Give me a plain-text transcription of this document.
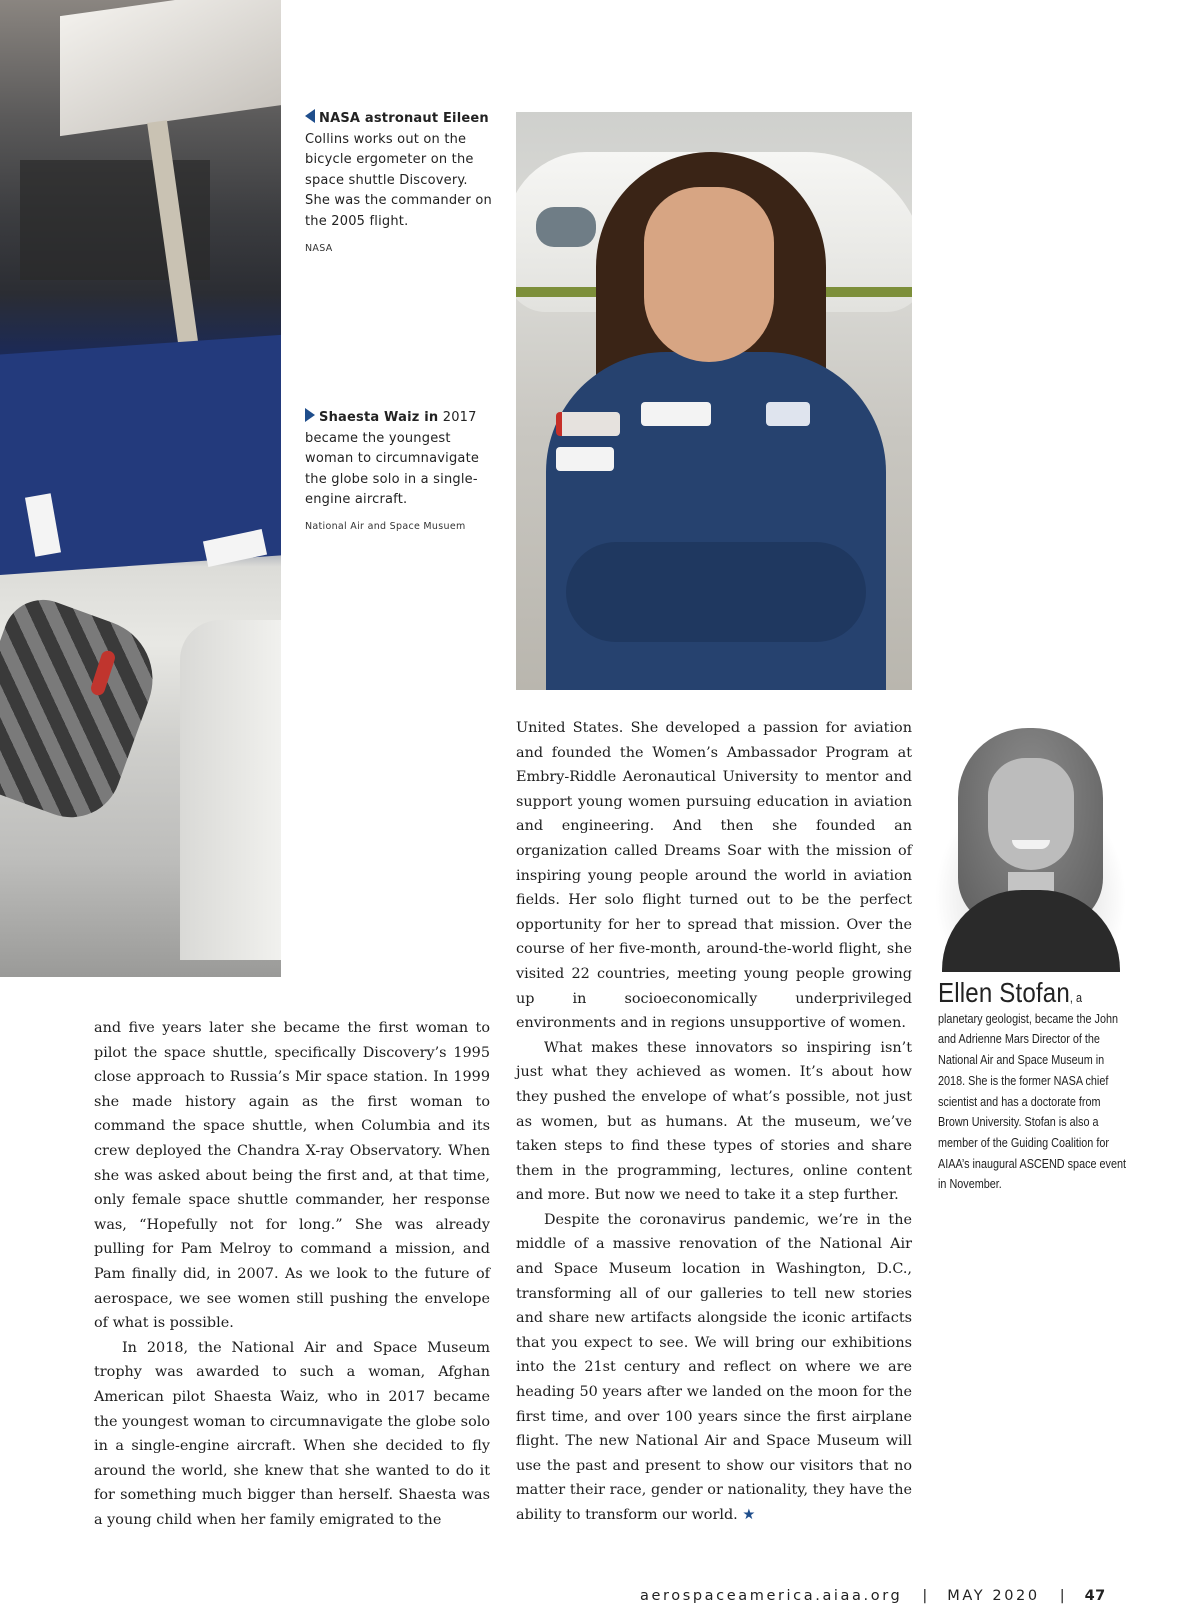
NASA astronaut Eileen Collins works out on the bicycle ergometer on the space shuttle Discovery. She was the commander on the 2005 flight.
NASA
Shaesta Waiz in 2017 became the youngest woman to circumnavigate the globe solo in a single-engine aircraft.
National Air and Space Musuem

and five years later she became the first woman to pilot the space shuttle, specifically Discovery’s 1995 close approach to Russia’s Mir space station. In 1999 she made history again as the first woman to command the space shuttle, when Columbia and its crew deployed the Chandra X-ray Observatory. When she was asked about being the first and, at that time, only female space shuttle commander, her response was, “Hopefully not for long.” She was already pulling for Pam Melroy to command a mission, and Pam finally did, in 2007. As we look to the future of aerospace, we see women still pushing the envelope of what is possible.

In 2018, the National Air and Space Museum trophy was awarded to such a woman, Afghan American pilot Shaesta Waiz, who in 2017 became the youngest woman to circumnavigate the globe solo in a single-engine aircraft. When she decided to fly around the world, she knew that she wanted to do it for something much bigger than herself. Shaesta was a young child when her family emigrated to the

United States. She developed a passion for aviation and founded the Women’s Ambassador Program at Embry-Riddle Aeronautical University to mentor and support young women pursuing education in aviation and engineering. And then she founded an organization called Dreams Soar with the mission of inspiring young people around the world in aviation fields. Her solo flight turned out to be the perfect opportunity for her to spread that mission. Over the course of her five-month, around-the-world flight, she visited 22 countries, meeting young people growing up in socioeconomically underprivileged environments and in regions unsupportive of women.

What makes these innovators so inspiring isn’t just what they achieved as women. It’s about how they pushed the envelope of what’s possible, not just as women, but as humans. At the museum, we’ve taken steps to find these types of stories and share them in the programming, lectures, online content and more. But now we need to take it a step further.

Despite the coronavirus pandemic, we’re in the middle of a massive renovation of the National Air and Space Museum location in Washington, D.C., transforming all of our galleries to tell new stories and share new artifacts alongside the iconic artifacts that you expect to see. We will bring our exhibitions into the 21st century and reflect on where we are heading 50 years after we landed on the moon for the first time, and over 100 years since the first airplane flight. The new National Air and Space Museum will use the past and present to show our visitors that no matter their race, gender or nationality, they have the ability to transform our world. ★

Ellen Stofan, a planetary geologist, became the John and Adrienne Mars Director of the National Air and Space Museum in 2018. She is the former NASA chief scientist and has a doctorate from Brown University. Stofan is also a member of the Guiding Coalition for AIAA’s inaugural ASCEND space event in November.
aerospaceamerica.aiaa.org | MAY 2020 | 47
